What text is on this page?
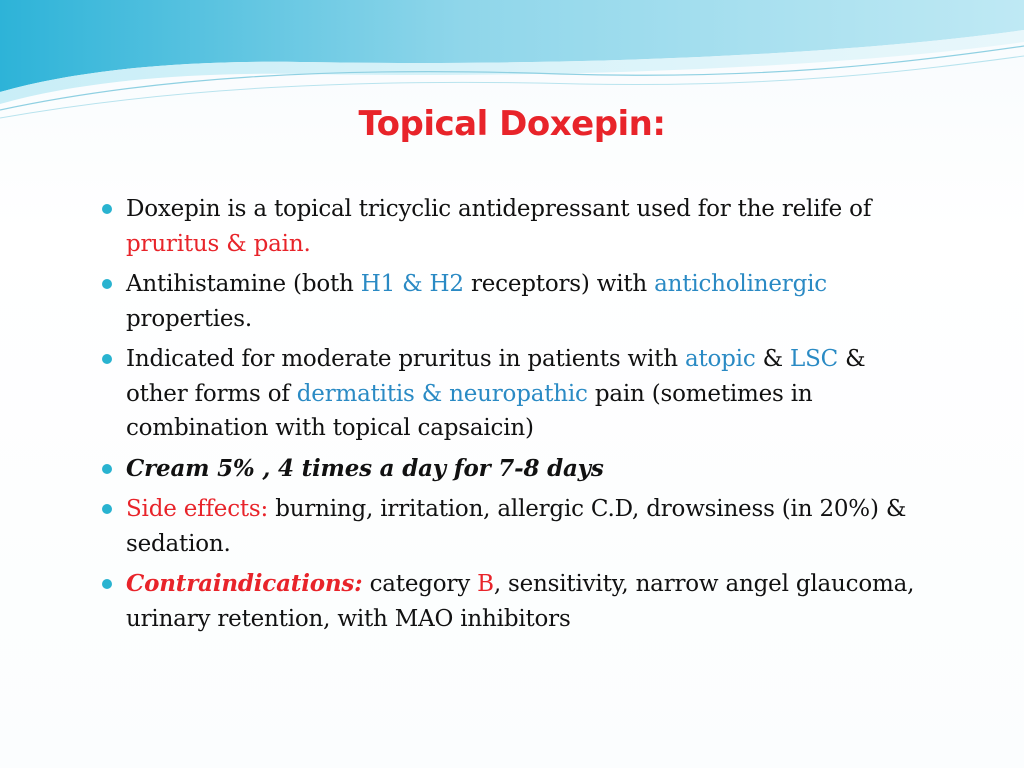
Topical Doxepin:
Doxepin is a topical tricyclic antidepressant used for the relife of pruritus & pain.
Antihistamine (both H1 & H2 receptors) with anticholinergic properties.
Indicated for moderate pruritus in patients with atopic & LSC & other forms of dermatitis & neuropathic pain (sometimes in combination with topical capsaicin)
Cream 5% , 4 times a day for 7-8 days
Side effects: burning, irritation, allergic C.D, drowsiness (in 20%) & sedation.
Contraindications: category B, sensitivity, narrow angel glaucoma, urinary retention, with MAO inhibitors
